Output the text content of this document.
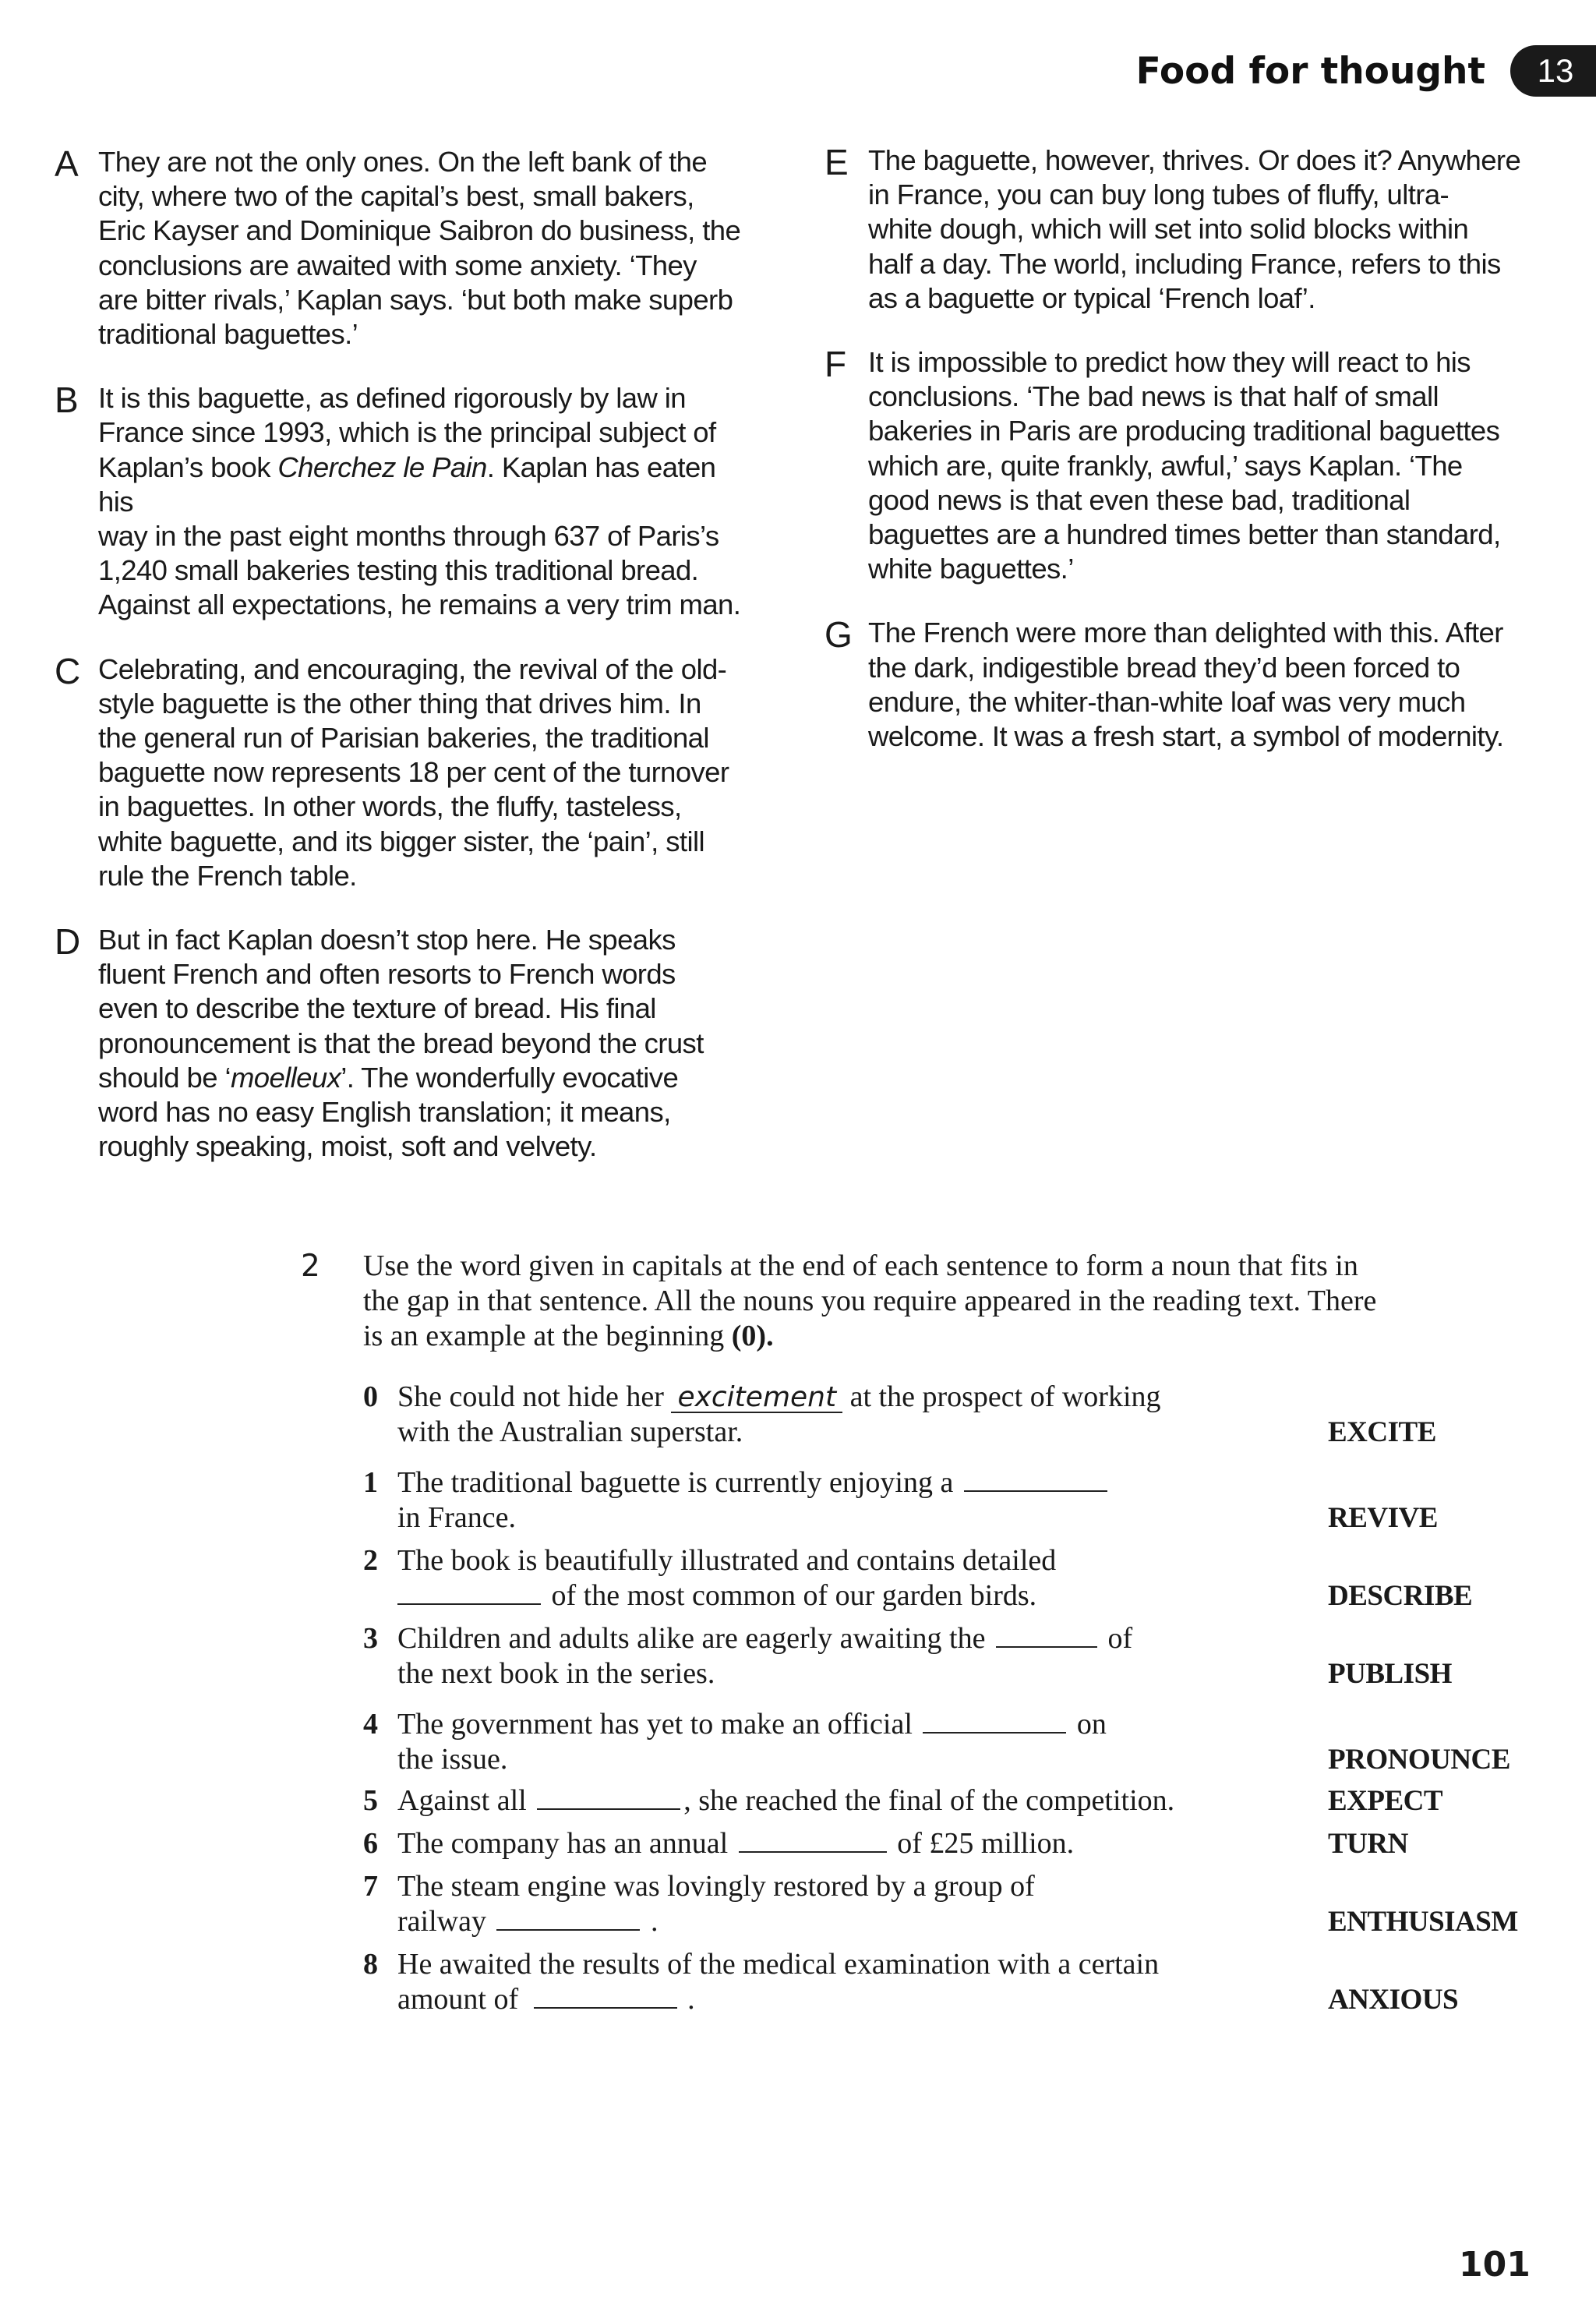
Food for thought	13
A They are not the only ones. On the left bank of the
city, where two of the capital’s best, small bakers,
Eric Kayser and Dominique Saibron do business, the
conclusions are awaited with some anxiety. ‘They
are bitter rivals,’ Kaplan says. ‘but both make superb
traditional baguettes.’
B It is this baguette, as defined rigorously by law in
France since 1993, which is the principal subject of
Kaplan’s book Cherchez le Pain. Kaplan has eaten his
way in the past eight months through 637 of Paris’s
1,240 small bakeries testing this traditional bread.
Against all expectations, he remains a very trim man.
C Celebrating, and encouraging, the revival of the old-
style baguette is the other thing that drives him. In
the general run of Parisian bakeries, the traditional
baguette now represents 18 per cent of the turnover
in baguettes. In other words, the fluffy, tasteless,
white baguette, and its bigger sister, the ‘pain’, still
rule the French table.
D But in fact Kaplan doesn’t stop here. He speaks
fluent French and often resorts to French words
even to describe the texture of bread. His final
pronouncement is that the bread beyond the crust
should be ‘moelleux’. The wonderfully evocative
word has no easy English translation; it means,
roughly speaking, moist, soft and velvety.
E The baguette, however, thrives. Or does it? Anywhere
in France, you can buy long tubes of fluffy, ultra-
white dough, which will set into solid blocks within
half a day. The world, including France, refers to this
as a baguette or typical ‘French loaf’.
F It is impossible to predict how they will react to his
conclusions. ‘The bad news is that half of small
bakeries in Paris are producing traditional baguettes
which are, quite frankly, awful,’ says Kaplan. ‘The
good news is that even these bad, traditional
baguettes are a hundred times better than standard,
white baguettes.’
G The French were more than delighted with this. After
the dark, indigestible bread they’d been forced to
endure, the whiter-than-white loaf was very much
welcome. It was a fresh start, a symbol of modernity.
2 Use the word given in capitals at the end of each sentence to form a noun that fits in
the gap in that sentence. All the nouns you require appeared in the reading text. There
is an example at the beginning (0).
0 She could not hide her excitement at the prospect of working
with the Australian superstar.	EXCITE
1 The traditional baguette is currently enjoying a
in France.	REVIVE
2 The book is beautifully illustrated and contains detailed
of the most common of our garden birds.	DESCRIBE
3 Children and adults alike are eagerly awaiting the	of
the next book in the series.	PUBLISH
4 The government has yet to make an official	on
the issue.	PRONOUNCE
5 Against all	, she reached the final of the competition.	EXPECT
6 The company has an annual	of £25 million.	TURN
7 The steam engine was lovingly restored by a group of
railway	.	ENTHUSIASM
8 He awaited the results of the medical examination with a certain
amount of	.	ANXIOUS
101
